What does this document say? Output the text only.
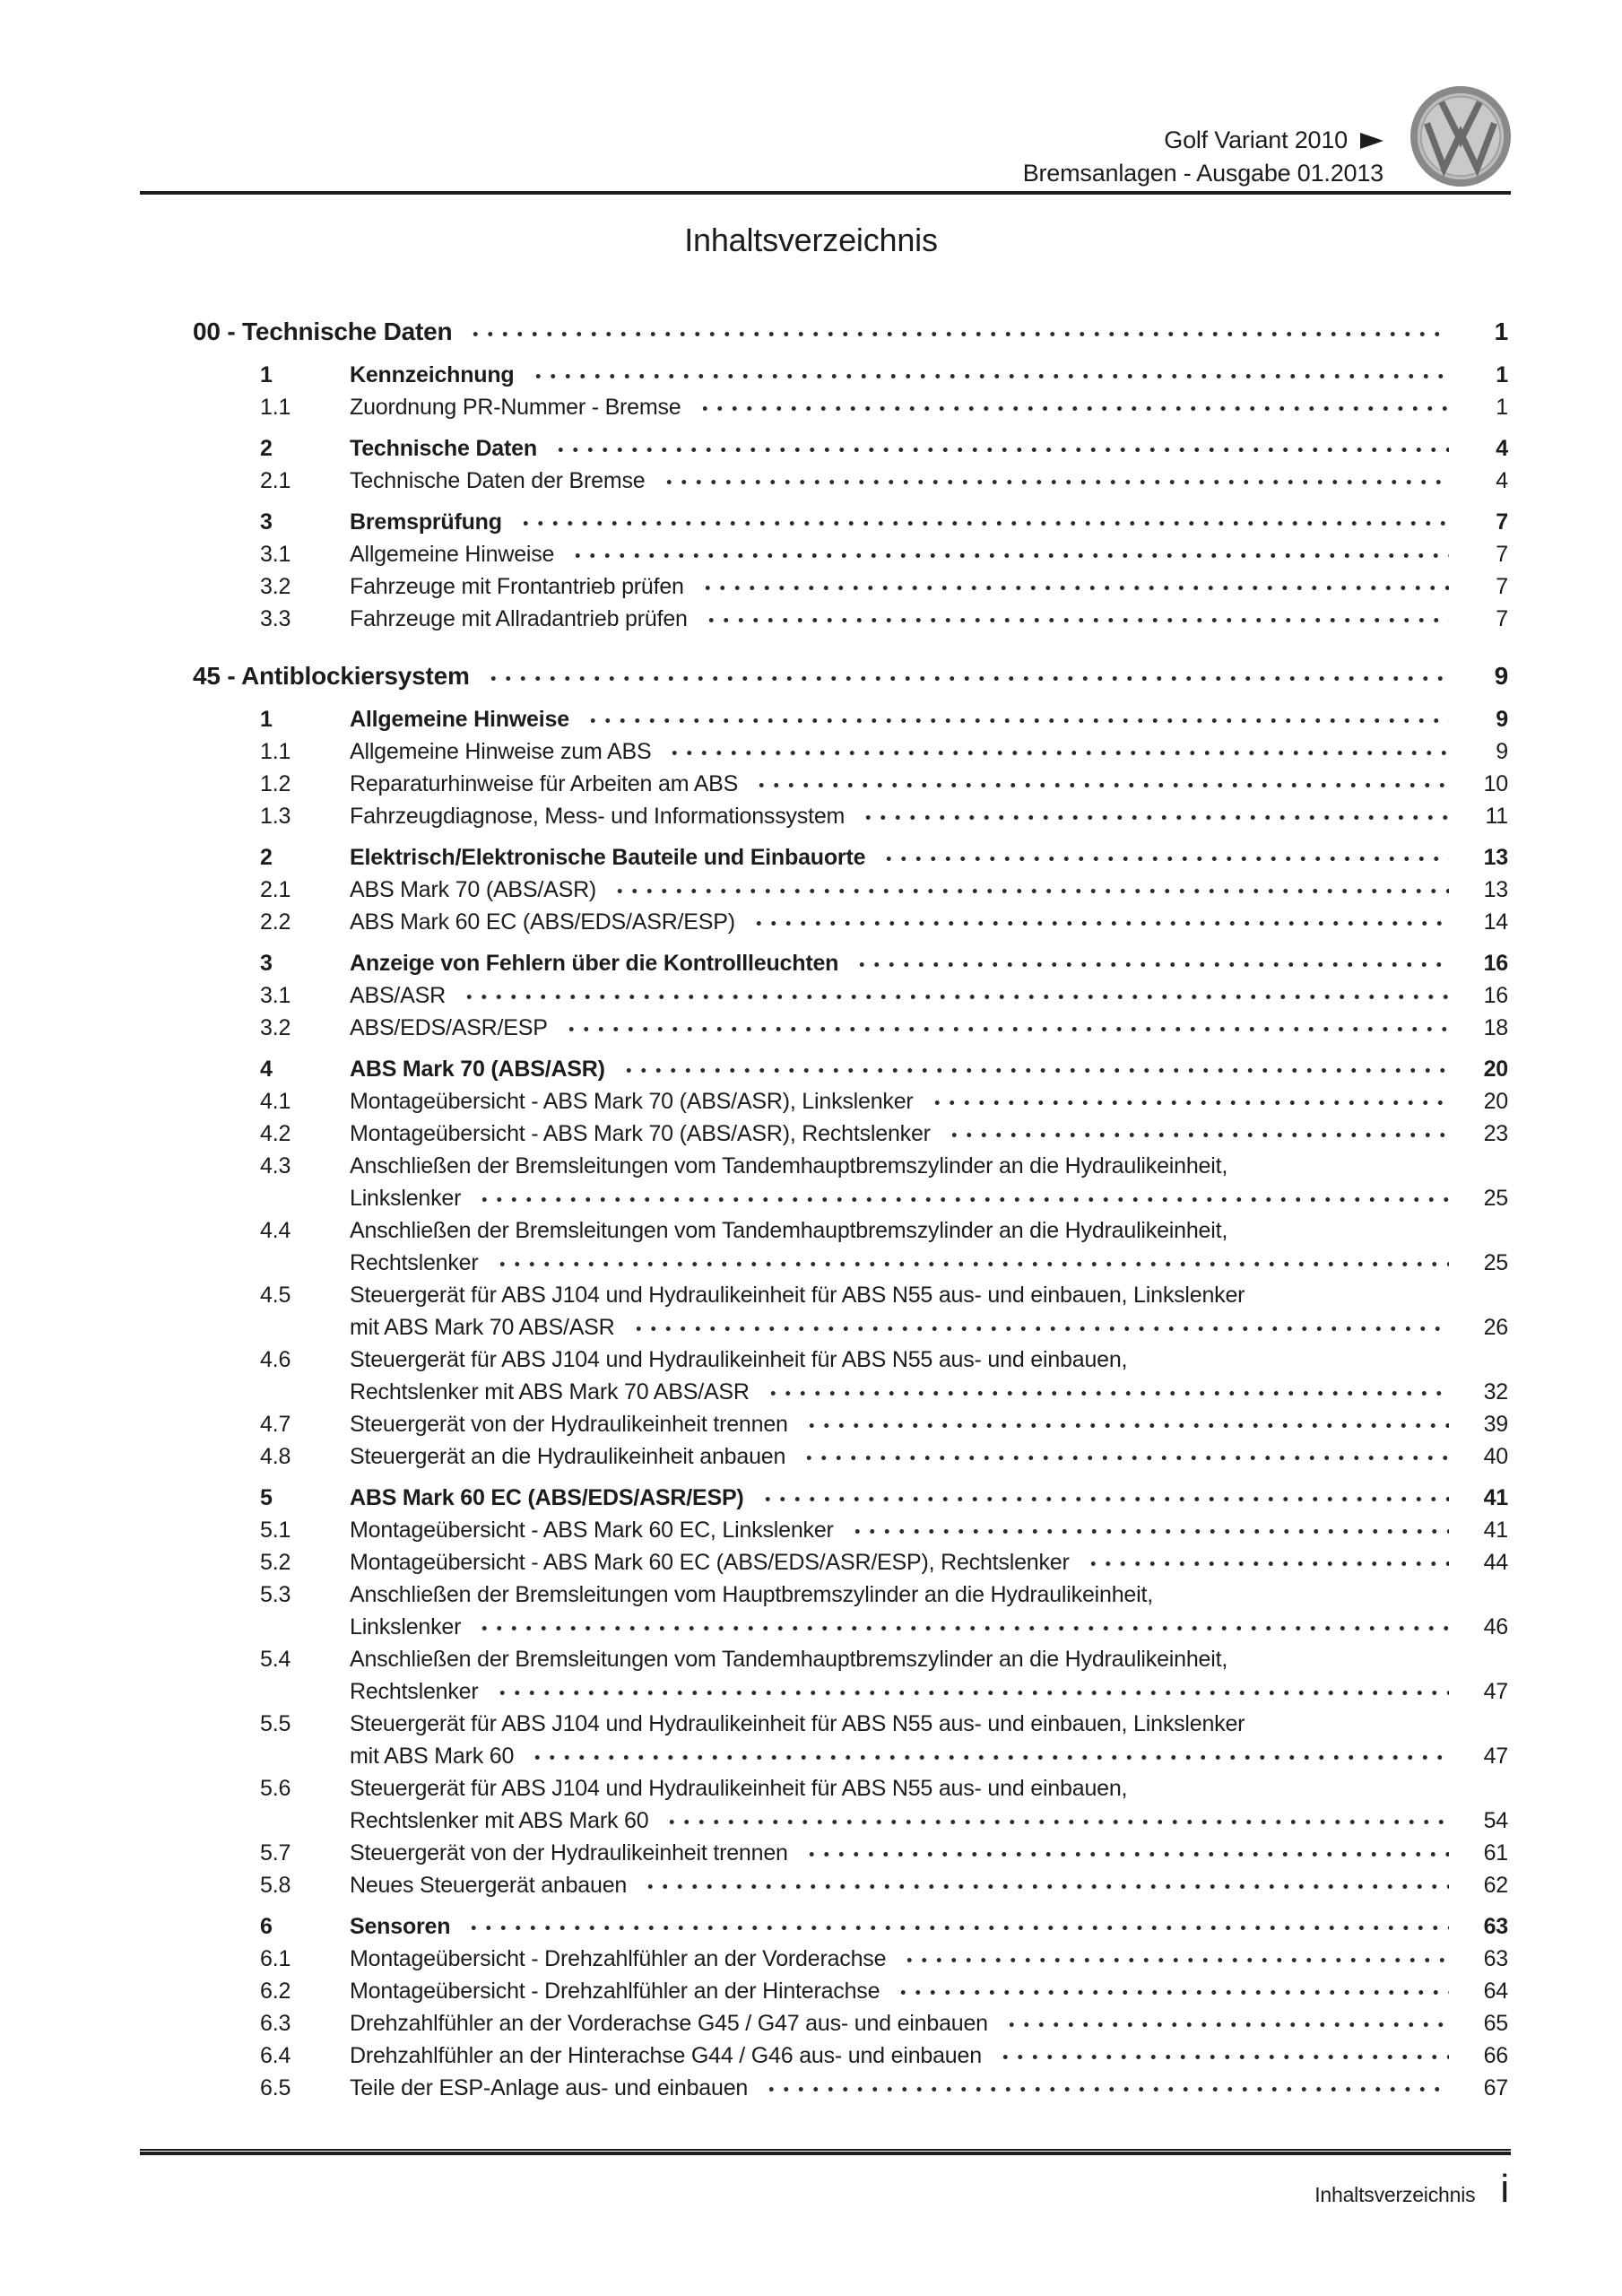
Golf Variant 2010
Bremsanlagen - Ausgabe 01.2013
Inhaltsverzeichnis
00 - Technische Daten	1
1	Kennzeichnung	1
1.1	Zuordnung PR-Nummer - Bremse	1
2	Technische Daten	4
2.1	Technische Daten der Bremse	4
3	Bremsprüfung	7
3.1	Allgemeine Hinweise	7
3.2	Fahrzeuge mit Frontantrieb prüfen	7
3.3	Fahrzeuge mit Allradantrieb prüfen	7
45 - Antiblockiersystem	9
1	Allgemeine Hinweise	9
1.1	Allgemeine Hinweise zum ABS	9
1.2	Reparaturhinweise für Arbeiten am ABS	10
1.3	Fahrzeugdiagnose, Mess- und Informationssystem	11
2	Elektrisch/Elektronische Bauteile und Einbauorte	13
2.1	ABS Mark 70 (ABS/ASR)	13
2.2	ABS Mark 60 EC (ABS/EDS/ASR/ESP)	14
3	Anzeige von Fehlern über die Kontrollleuchten	16
3.1	ABS/ASR	16
3.2	ABS/EDS/ASR/ESP	18
4	ABS Mark 70 (ABS/ASR)	20
4.1	Montageübersicht - ABS Mark 70 (ABS/ASR), Linkslenker	20
4.2	Montageübersicht - ABS Mark 70 (ABS/ASR), Rechtslenker	23
4.3	Anschließen der Bremsleitungen vom Tandemhauptbremszylinder an die Hydraulikeinheit,
Linkslenker	25
4.4	Anschließen der Bremsleitungen vom Tandemhauptbremszylinder an die Hydraulikeinheit,
Rechtslenker	25
4.5	Steuergerät für ABS J104 und Hydraulikeinheit für ABS N55 aus- und einbauen, Linkslenker
mit ABS Mark 70 ABS/ASR	26
4.6	Steuergerät für ABS J104 und Hydraulikeinheit für ABS N55 aus- und einbauen,
Rechtslenker mit ABS Mark 70 ABS/ASR	32
4.7	Steuergerät von der Hydraulikeinheit trennen	39
4.8	Steuergerät an die Hydraulikeinheit anbauen	40
5	ABS Mark 60 EC (ABS/EDS/ASR/ESP)	41
5.1	Montageübersicht - ABS Mark 60 EC, Linkslenker	41
5.2	Montageübersicht - ABS Mark 60 EC (ABS/EDS/ASR/ESP), Rechtslenker	44
5.3	Anschließen der Bremsleitungen vom Hauptbremszylinder an die Hydraulikeinheit,
Linkslenker	46
5.4	Anschließen der Bremsleitungen vom Tandemhauptbremszylinder an die Hydraulikeinheit,
Rechtslenker	47
5.5	Steuergerät für ABS J104 und Hydraulikeinheit für ABS N55 aus- und einbauen, Linkslenker
mit ABS Mark 60	47
5.6	Steuergerät für ABS J104 und Hydraulikeinheit für ABS N55 aus- und einbauen,
Rechtslenker mit ABS Mark 60	54
5.7	Steuergerät von der Hydraulikeinheit trennen	61
5.8	Neues Steuergerät anbauen	62
6	Sensoren	63
6.1	Montageübersicht - Drehzahlfühler an der Vorderachse	63
6.2	Montageübersicht - Drehzahlfühler an der Hinterachse	64
6.3	Drehzahlfühler an der Vorderachse G45 / G47 aus- und einbauen	65
6.4	Drehzahlfühler an der Hinterachse G44 / G46 aus- und einbauen	66
6.5	Teile der ESP-Anlage aus- und einbauen	67
Inhaltsverzeichnis i
